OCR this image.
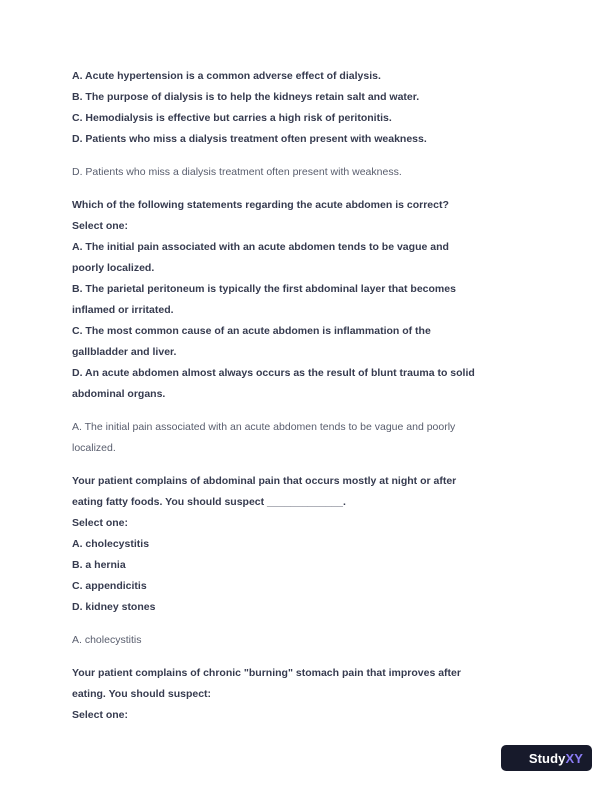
A. Acute hypertension is a common adverse effect of dialysis.
B. The purpose of dialysis is to help the kidneys retain salt and water.
C. Hemodialysis is effective but carries a high risk of peritonitis.
D. Patients who miss a dialysis treatment often present with weakness.
D. Patients who miss a dialysis treatment often present with weakness.
Which of the following statements regarding the acute abdomen is correct?
Select one:
A. The initial pain associated with an acute abdomen tends to be vague and
poorly localized.
B. The parietal peritoneum is typically the first abdominal layer that becomes
inflamed or irritated.
C. The most common cause of an acute abdomen is inflammation of the
gallbladder and liver.
D. An acute abdomen almost always occurs as the result of blunt trauma to solid
abdominal organs.
A. The initial pain associated with an acute abdomen tends to be vague and poorly
localized.
Your patient complains of abdominal pain that occurs mostly at night or after
eating fatty foods. You should suspect _____________.
Select one:
A. cholecystitis
B. a hernia
C. appendicitis
D. kidney stones
A. cholecystitis
Your patient complains of chronic "burning" stomach pain that improves after
eating. You should suspect:
Select one:
StudyXY
